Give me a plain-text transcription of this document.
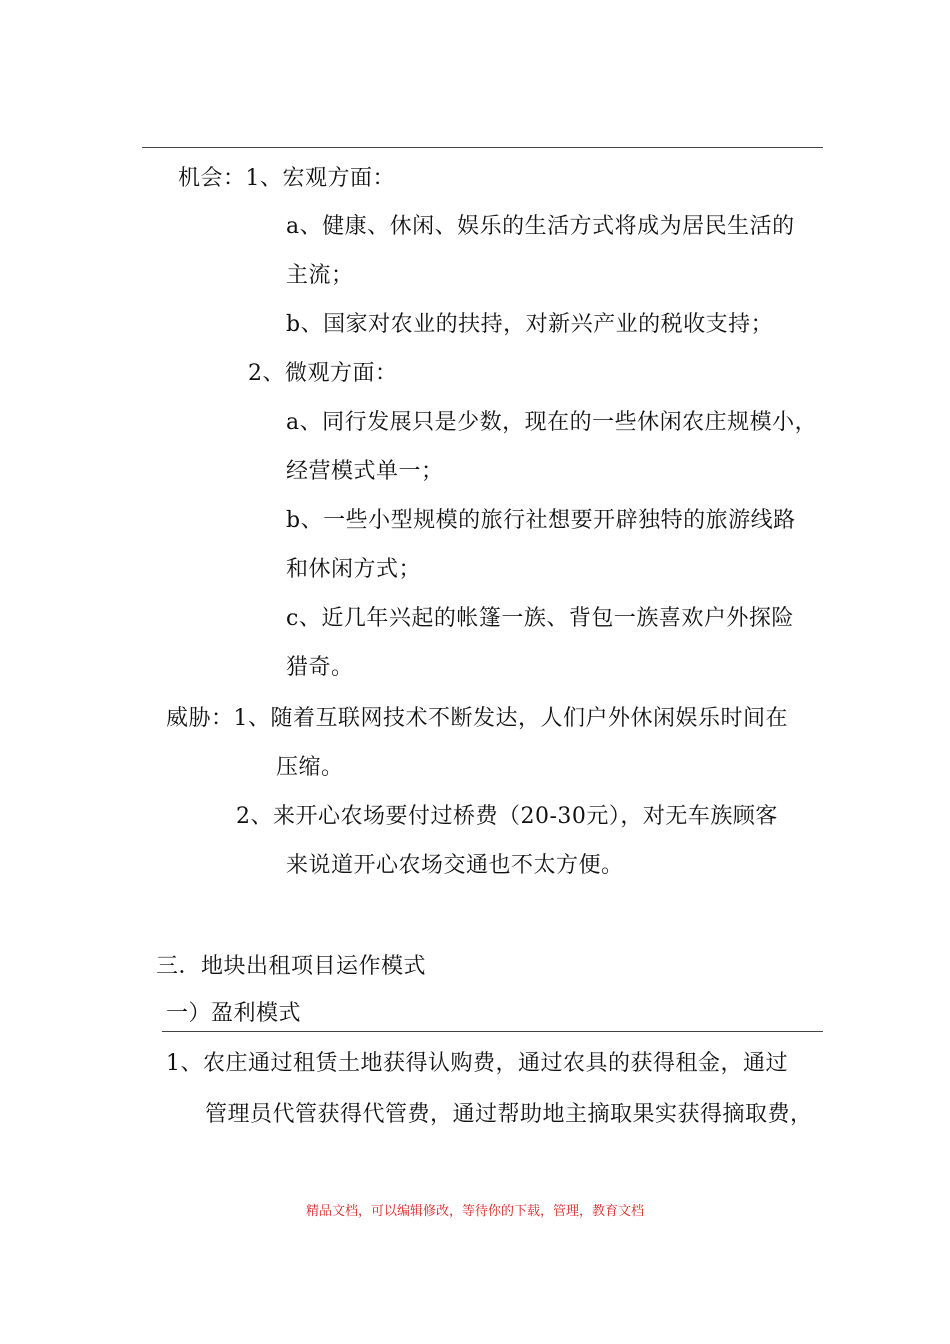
机会：1、宏观方面：
a、健康、休闲、娱乐的生活方式将成为居民生活的
主流；
b、国家对农业的扶持，对新兴产业的税收支持；
2、微观方面：
a、同行发展只是少数，现在的一些休闲农庄规模小，
经营模式单一；
b、一些小型规模的旅行社想要开辟独特的旅游线路
和休闲方式；
c、近几年兴起的帐篷一族、背包一族喜欢户外探险
猎奇。
威胁：1、随着互联网技术不断发达，人们户外休闲娱乐时间在
压缩。
2、来开心农场要付过桥费（20-30元），对无车族顾客
来说道开心农场交通也不太方便。
三．地块出租项目运作模式
一）盈利模式
1、农庄通过租赁土地获得认购费，通过农具的获得租金，通过
管理员代管获得代管费，通过帮助地主摘取果实获得摘取费，
精品文档，可以编辑修改，等待你的下载，管理，教育文档
